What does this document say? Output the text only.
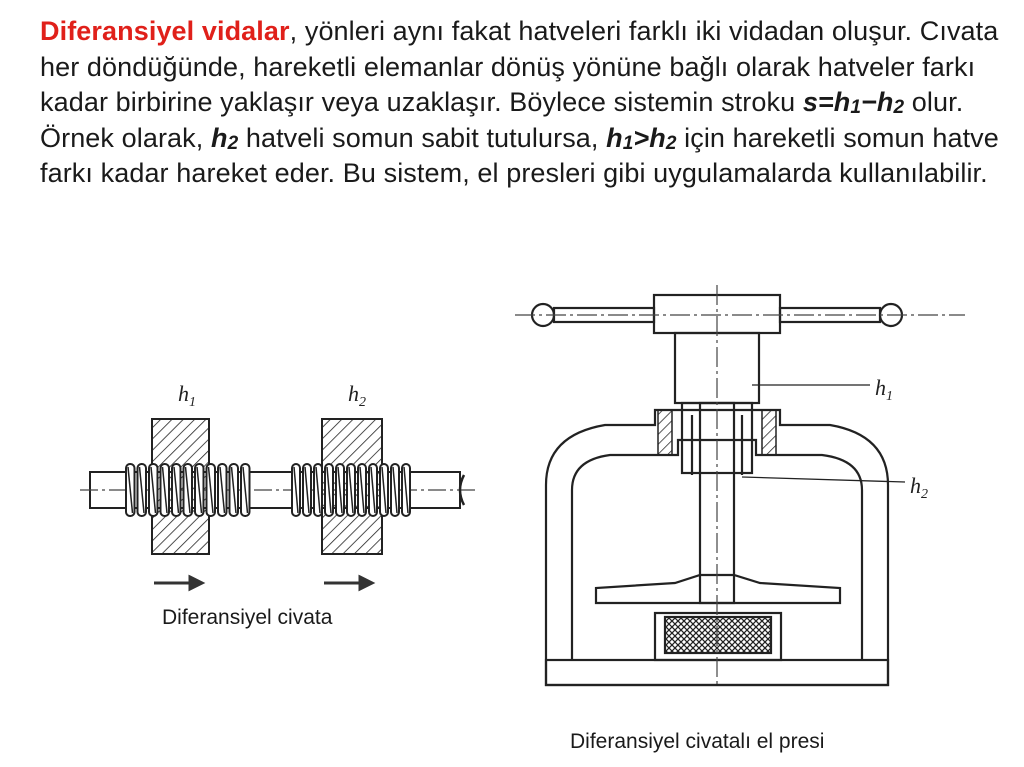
Diferansiyel vidalar, yönleri aynı fakat hatveleri farklı iki vidadan oluşur. Cıvata her döndüğünde, hareketli elemanlar dönüş yönüne bağlı olarak hatveler farkı kadar birbirine yaklaşır veya uzaklaşır. Böylece sistemin stroku $s=h_1-h_2$ olur. Örnek olarak, $h_2$ hatveli somun sabit tutulursa, $h_1>h_2$ için hareketli somun hatve farkı kadar hareket eder. Bu sistem, el presleri gibi uygulamalarda kullanılabilir.
$h_1$	$h_2$
Diferansiyel civata
$h_1$
$h_2$
Diferansiyel civatalı el presi
